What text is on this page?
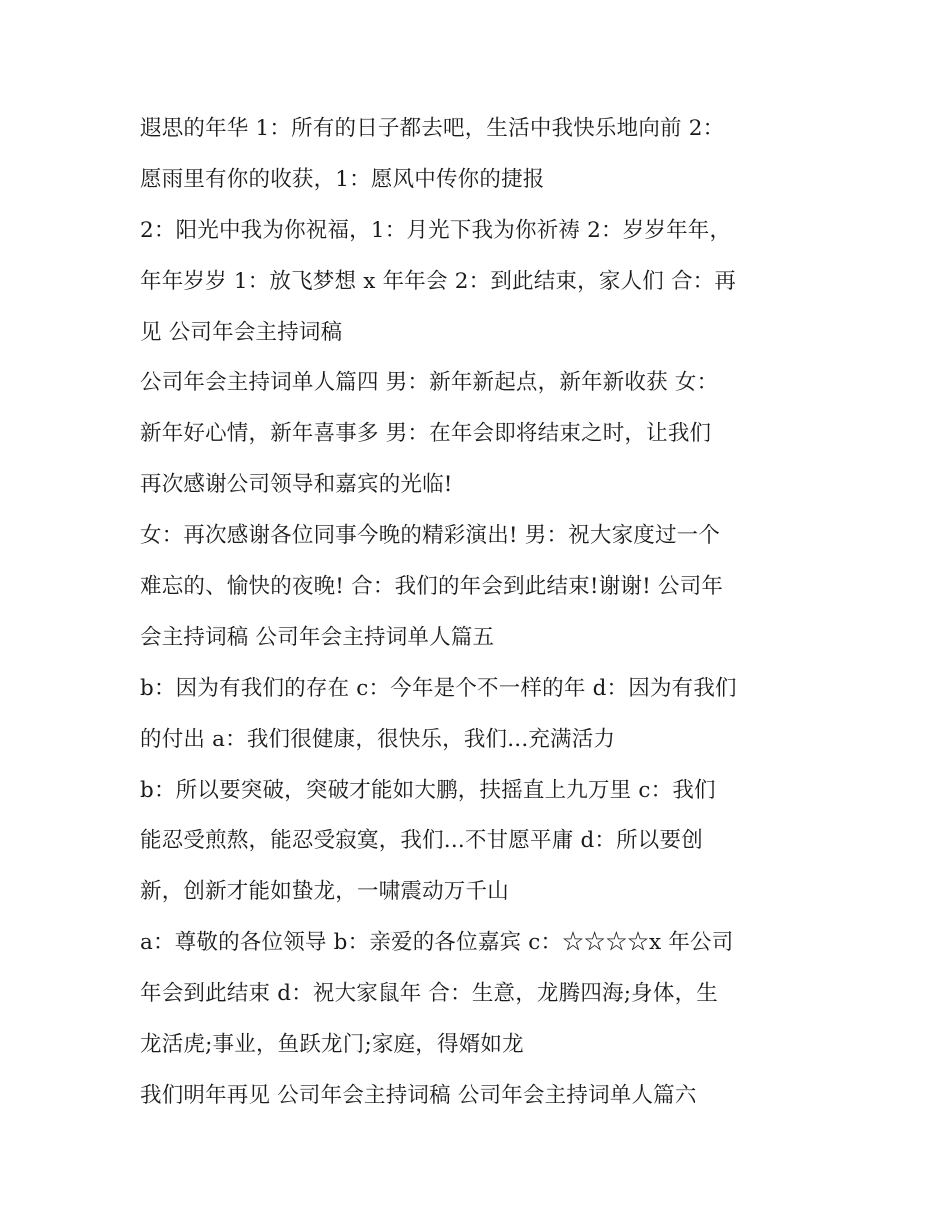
遐思的年华 1：所有的日子都去吧，生活中我快乐地向前 2：
愿雨里有你的收获，1：愿风中传你的捷报
2：阳光中我为你祝福，1：月光下我为你祈祷 2：岁岁年年，
年年岁岁 1：放飞梦想 x 年年会 2：到此结束，家人们 合：再
见 公司年会主持词稿
公司年会主持词单人篇四 男：新年新起点，新年新收获 女：
新年好心情，新年喜事多 男：在年会即将结束之时，让我们
再次感谢公司领导和嘉宾的光临!
女：再次感谢各位同事今晚的精彩演出! 男：祝大家度过一个
难忘的、愉快的夜晚! 合：我们的年会到此结束!谢谢! 公司年
会主持词稿 公司年会主持词单人篇五
b：因为有我们的存在 c：今年是个不一样的年 d：因为有我们
的付出 a：我们很健康，很快乐，我们...充满活力
b：所以要突破，突破才能如大鹏，扶摇直上九万里 c：我们
能忍受煎熬，能忍受寂寞，我们...不甘愿平庸 d：所以要创
新，创新才能如蛰龙，一啸震动万千山
a：尊敬的各位领导 b：亲爱的各位嘉宾 c：☆☆☆☆x 年公司
年会到此结束 d：祝大家鼠年 合：生意，龙腾四海;身体，生
龙活虎;事业，鱼跃龙门;家庭，得婿如龙
我们明年再见 公司年会主持词稿 公司年会主持词单人篇六
